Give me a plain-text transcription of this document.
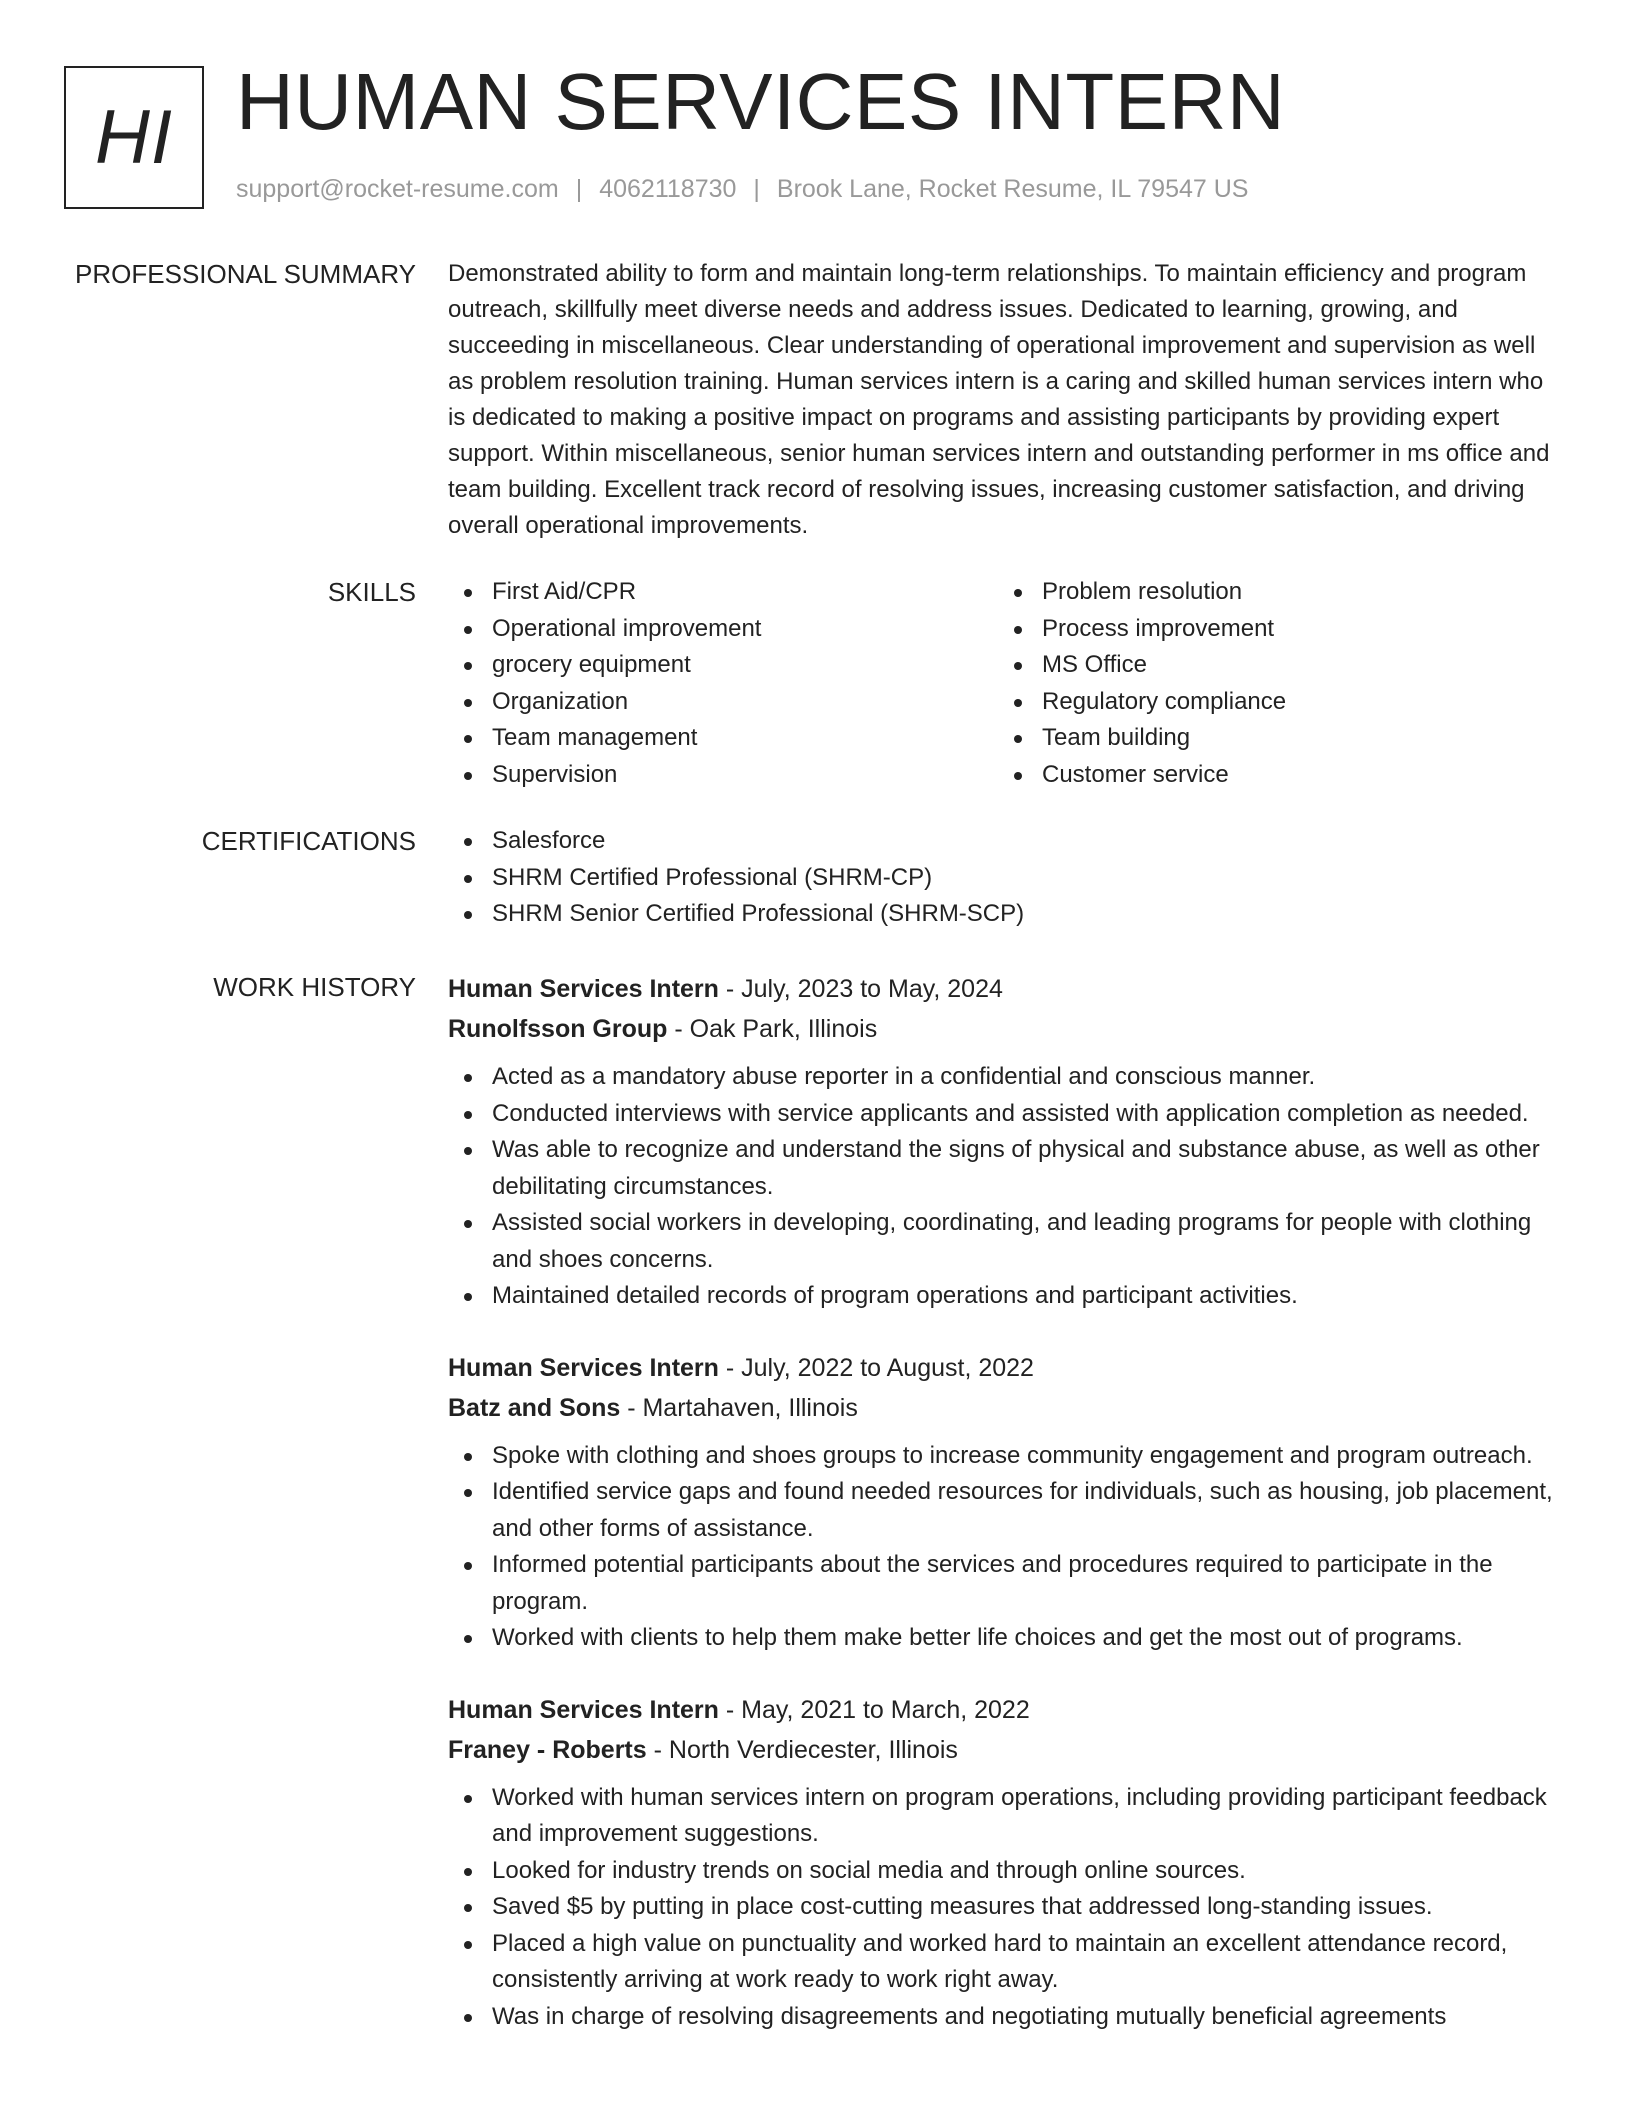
HI HUMAN SERVICES INTERN
support@rocket-resume.com | 4062118730 | Brook Lane, Rocket Resume, IL 79547 US
PROFESSIONAL SUMMARY Demonstrated ability to form and maintain long-term relationships. To maintain efficiency and program outreach, skillfully meet diverse needs and address issues. Dedicated to learning, growing, and succeeding in miscellaneous. Clear understanding of operational improvement and supervision as well as problem resolution training. Human services intern is a caring and skilled human services intern who is dedicated to making a positive impact on programs and assisting participants by providing expert support. Within miscellaneous, senior human services intern and outstanding performer in ms office and team building. Excellent track record of resolving issues, increasing customer satisfaction, and driving overall operational improvements.
SKILLS	First Aid/CPR
Operational improvement
grocery equipment
Organization
Team management
Supervision
Problem resolution
Process improvement
MS Office
Regulatory compliance
Team building
Customer service
CERTIFICATIONS	Salesforce
SHRM Certified Professional (SHRM-CP)
SHRM Senior Certified Professional (SHRM-SCP)
WORK HISTORY Human Services Intern - July, 2023 to May, 2024
Runolfsson Group - Oak Park, Illinois
Acted as a mandatory abuse reporter in a confidential and conscious manner.
Conducted interviews with service applicants and assisted with application completion as needed.
Was able to recognize and understand the signs of physical and substance abuse, as well as other debilitating circumstances.
Assisted social workers in developing, coordinating, and leading programs for people with clothing and shoes concerns.
Maintained detailed records of program operations and participant activities.
Human Services Intern - July, 2022 to August, 2022
Batz and Sons - Martahaven, Illinois
Spoke with clothing and shoes groups to increase community engagement and program outreach.
Identified service gaps and found needed resources for individuals, such as housing, job placement, and other forms of assistance.
Informed potential participants about the services and procedures required to participate in the program.
Worked with clients to help them make better life choices and get the most out of programs.
Human Services Intern - May, 2021 to March, 2022
Franey - Roberts - North Verdiecester, Illinois
Worked with human services intern on program operations, including providing participant feedback and improvement suggestions.
Looked for industry trends on social media and through online sources.
Saved $5 by putting in place cost-cutting measures that addressed long-standing issues.
Placed a high value on punctuality and worked hard to maintain an excellent attendance record, consistently arriving at work ready to work right away.
Was in charge of resolving disagreements and negotiating mutually beneficial agreements
